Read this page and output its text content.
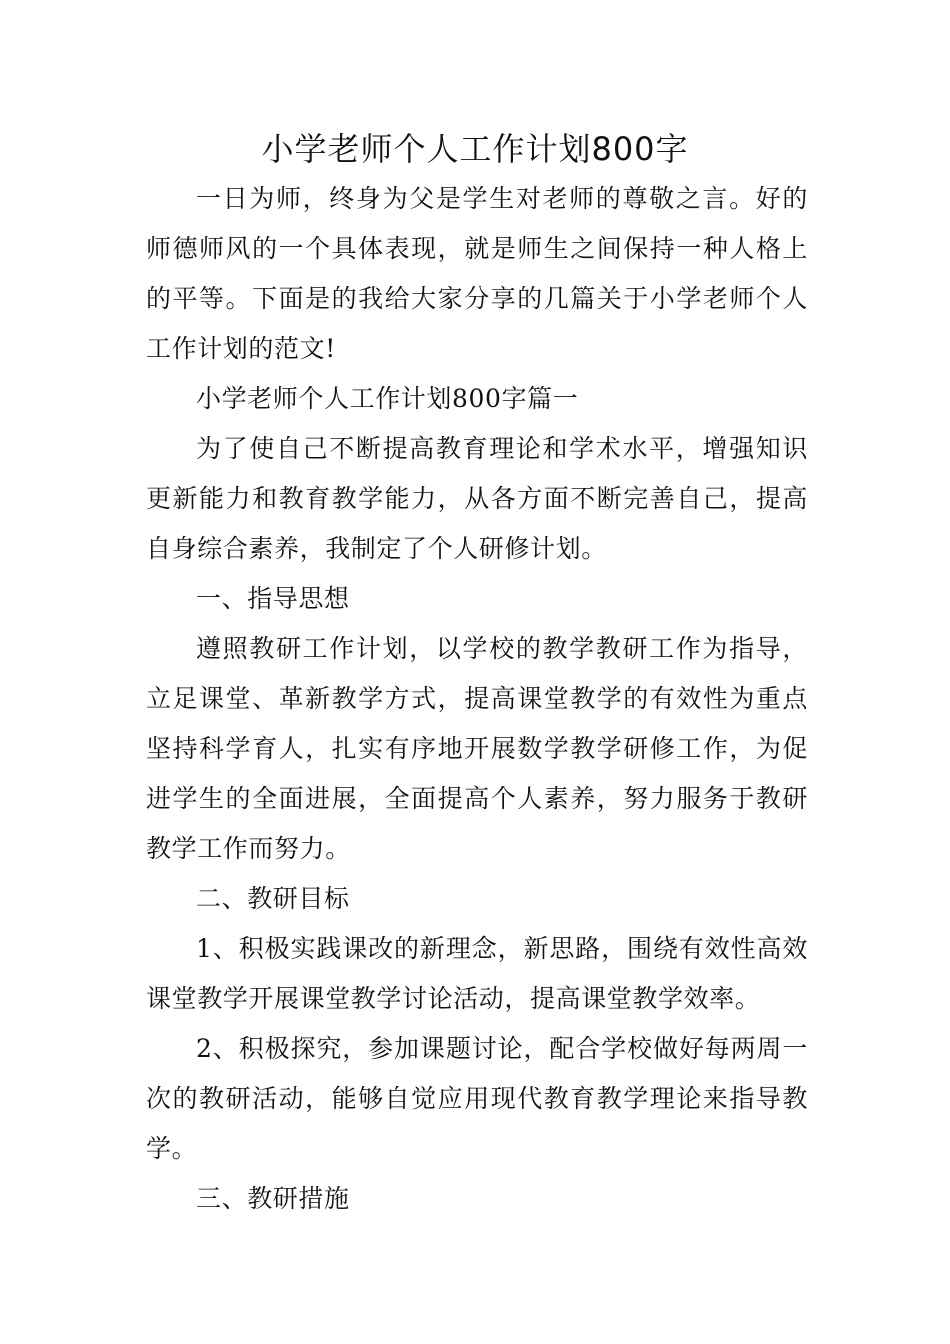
小学老师个人工作计划800字

一日为师，终身为父是学生对老师的尊敬之言。好的师德师风的一个具体表现，就是师生之间保持一种人格上的平等。下面是的我给大家分享的几篇关于小学老师个人工作计划的范文!

小学老师个人工作计划800字篇一

为了使自己不断提高教育理论和学术水平，增强知识更新能力和教育教学能力，从各方面不断完善自己，提高自身综合素养，我制定了个人研修计划。

一、指导思想

遵照教研工作计划，以学校的教学教研工作为指导，立足课堂、革新教学方式，提高课堂教学的有效性为重点坚持科学育人，扎实有序地开展数学教学研修工作，为促进学生的全面进展，全面提高个人素养，努力服务于教研教学工作而努力。

二、教研目标

1、积极实践课改的新理念，新思路，围绕有效性高效课堂教学开展课堂教学讨论活动，提高课堂教学效率。

2、积极探究，参加课题讨论，配合学校做好每两周一次的教研活动，能够自觉应用现代教育教学理论来指导教学。

三、教研措施
